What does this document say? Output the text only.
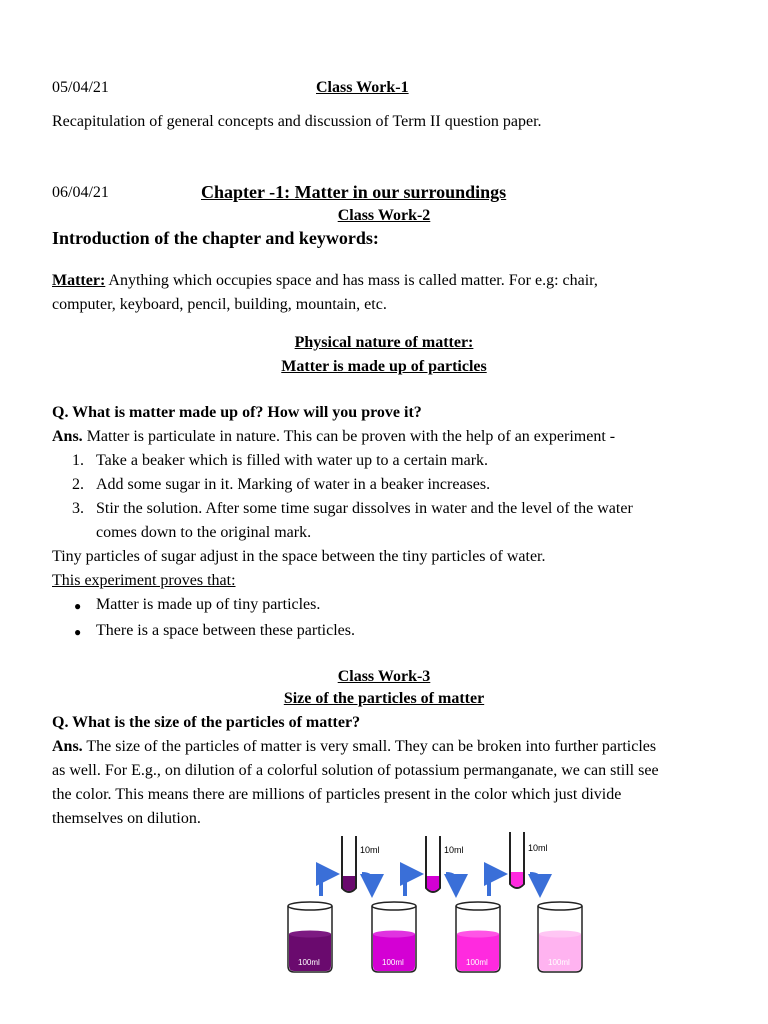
05/04/21	Class Work-1
Recapitulation of general concepts and discussion of Term II question paper.
06/04/21	Chapter -1: Matter in our surroundings
Class Work-2
Introduction of the chapter and keywords:
Matter: Anything which occupies space and has mass is called matter. For e.g: chair,
computer, keyboard, pencil, building, mountain, etc.
Physical nature of matter:
Matter is made up of particles
Q. What is matter made up of? How will you prove it?
Ans. Matter is particulate in nature. This can be proven with the help of an experiment -
1. Take a beaker which is filled with water up to a certain mark.
2. Add some sugar in it. Marking of water in a beaker increases.
3. Stir the solution. After some time sugar dissolves in water and the level of the water
comes down to the original mark.
Tiny particles of sugar adjust in the space between the tiny particles of water.
This experiment proves that:
● Matter is made up of tiny particles.
● There is a space between these particles.
Class Work-3
Size of the particles of matter
Q. What is the size of the particles of matter?
Ans. The size of the particles of matter is very small. They can be broken into further particles
as well. For E.g., on dilution of a colorful solution of potassium permanganate, we can still see
the color. This means there are millions of particles present in the color which just divide
themselves on dilution.
10ml	10ml	10ml
100ml	100ml	100ml	100ml
